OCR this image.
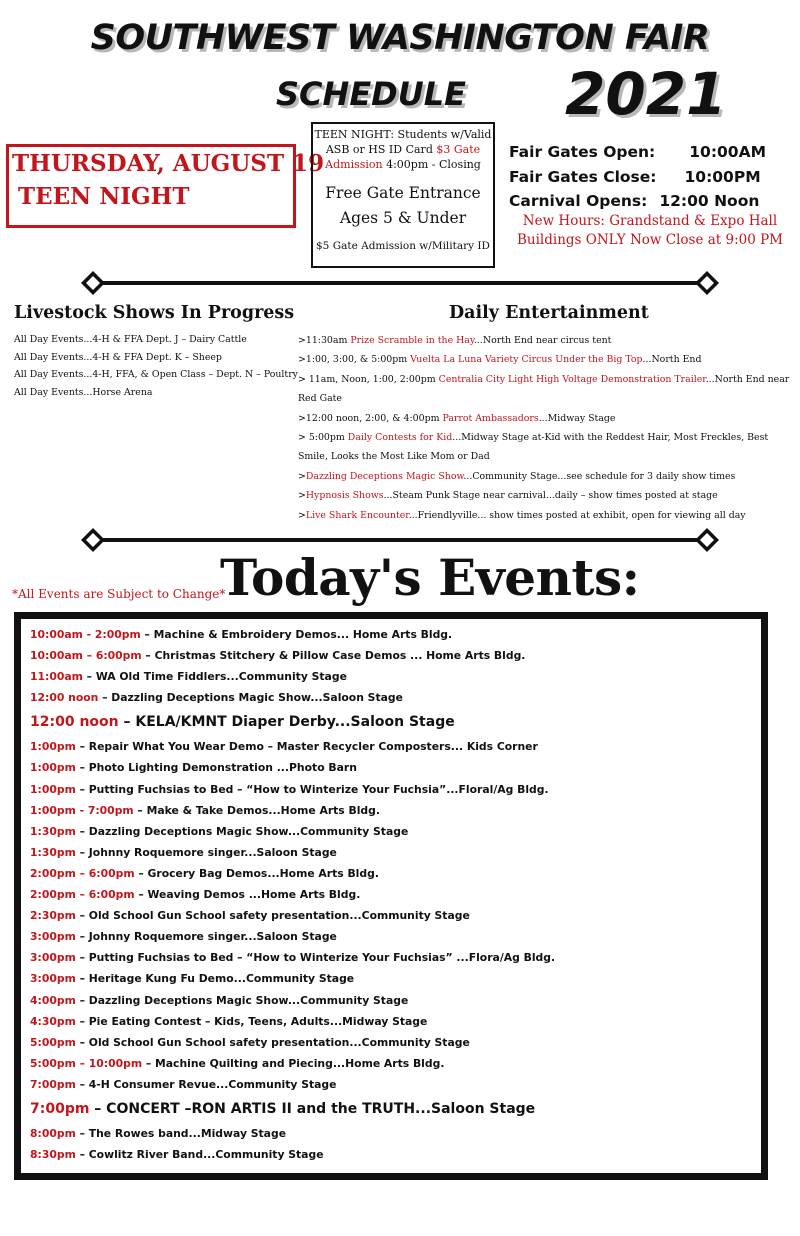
SOUTHWEST WASHINGTON FAIR
SCHEDULE 2021
THURSDAY, AUGUST 19
TEEN NIGHT
TEEN NIGHT: Students w/Valid ASB or HS ID Card $3 Gate Admission 4:00pm - Closing
Free Gate Entrance
Ages 5 & Under
$5 Gate Admission w/Military ID
Fair Gates Open: 10:00AM
Fair Gates Close: 10:00PM
Carnival Opens: 12:00 Noon
New Hours: Grandstand & Expo Hall Buildings ONLY Now Close at 9:00 PM
Livestock Shows In Progress
All Day Events...4-H & FFA Dept. J – Dairy Cattle
All Day Events...4-H & FFA Dept. K – Sheep
All Day Events...4-H, FFA, & Open Class – Dept. N – Poultry
All Day Events...Horse Arena
Daily Entertainment
>11:30am Prize Scramble in the Hay...North End near circus tent
>1:00, 3:00, & 5:00pm Vuelta La Luna Variety Circus Under the Big Top...North End
> 11am, Noon, 1:00, 2:00pm Centralia City Light High Voltage Demonstration Trailer...North End near Red Gate
>12:00 noon, 2:00, & 4:00pm Parrot Ambassadors...Midway Stage
> 5:00pm Daily Contests for Kid...Midway Stage at-Kid with the Reddest Hair, Most Freckles, Best Smile, Looks the Most Like Mom or Dad
>Dazzling Deceptions Magic Show...Community Stage...see schedule for 3 daily show times
>Hypnosis Shows...Steam Punk Stage near carnival...daily – show times posted at stage
>Live Shark Encounter...Friendlyville... show times posted at exhibit, open for viewing all day
*All Events are Subject to Change*
Today's Events:
10:00am - 2:00pm – Machine & Embroidery Demos... Home Arts Bldg.
10:00am – 6:00pm – Christmas Stitchery & Pillow Case Demos ... Home Arts Bldg.
11:00am – WA Old Time Fiddlers...Community Stage
12:00 noon – Dazzling Deceptions Magic Show...Saloon Stage
12:00 noon – KELA/KMNT Diaper Derby...Saloon Stage
1:00pm – Repair What You Wear Demo – Master Recycler Composters... Kids Corner
1:00pm – Photo Lighting Demonstration ...Photo Barn
1:00pm – Putting Fuchsias to Bed – “How to Winterize Your Fuchsia”...Floral/Ag Bldg.
1:00pm - 7:00pm – Make & Take Demos...Home Arts Bldg.
1:30pm – Dazzling Deceptions Magic Show...Community Stage
1:30pm – Johnny Roquemore singer...Saloon Stage
2:00pm – 6:00pm – Grocery Bag Demos...Home Arts Bldg.
2:00pm – 6:00pm – Weaving Demos ...Home Arts Bldg.
2:30pm – Old School Gun School safety presentation...Community Stage
3:00pm – Johnny Roquemore singer...Saloon Stage
3:00pm – Putting Fuchsias to Bed – “How to Winterize Your Fuchsias” ...Flora/Ag Bldg.
3:00pm – Heritage Kung Fu Demo...Community Stage
4:00pm – Dazzling Deceptions Magic Show...Community Stage
4:30pm – Pie Eating Contest – Kids, Teens, Adults...Midway Stage
5:00pm – Old School Gun School safety presentation...Community Stage
5:00pm – 10:00pm – Machine Quilting and Piecing...Home Arts Bldg.
7:00pm – 4-H Consumer Revue...Community Stage
7:00pm – CONCERT –RON ARTIS II and the TRUTH...Saloon Stage
8:00pm – The Rowes band...Midway Stage
8:30pm – Cowlitz River Band...Community Stage
